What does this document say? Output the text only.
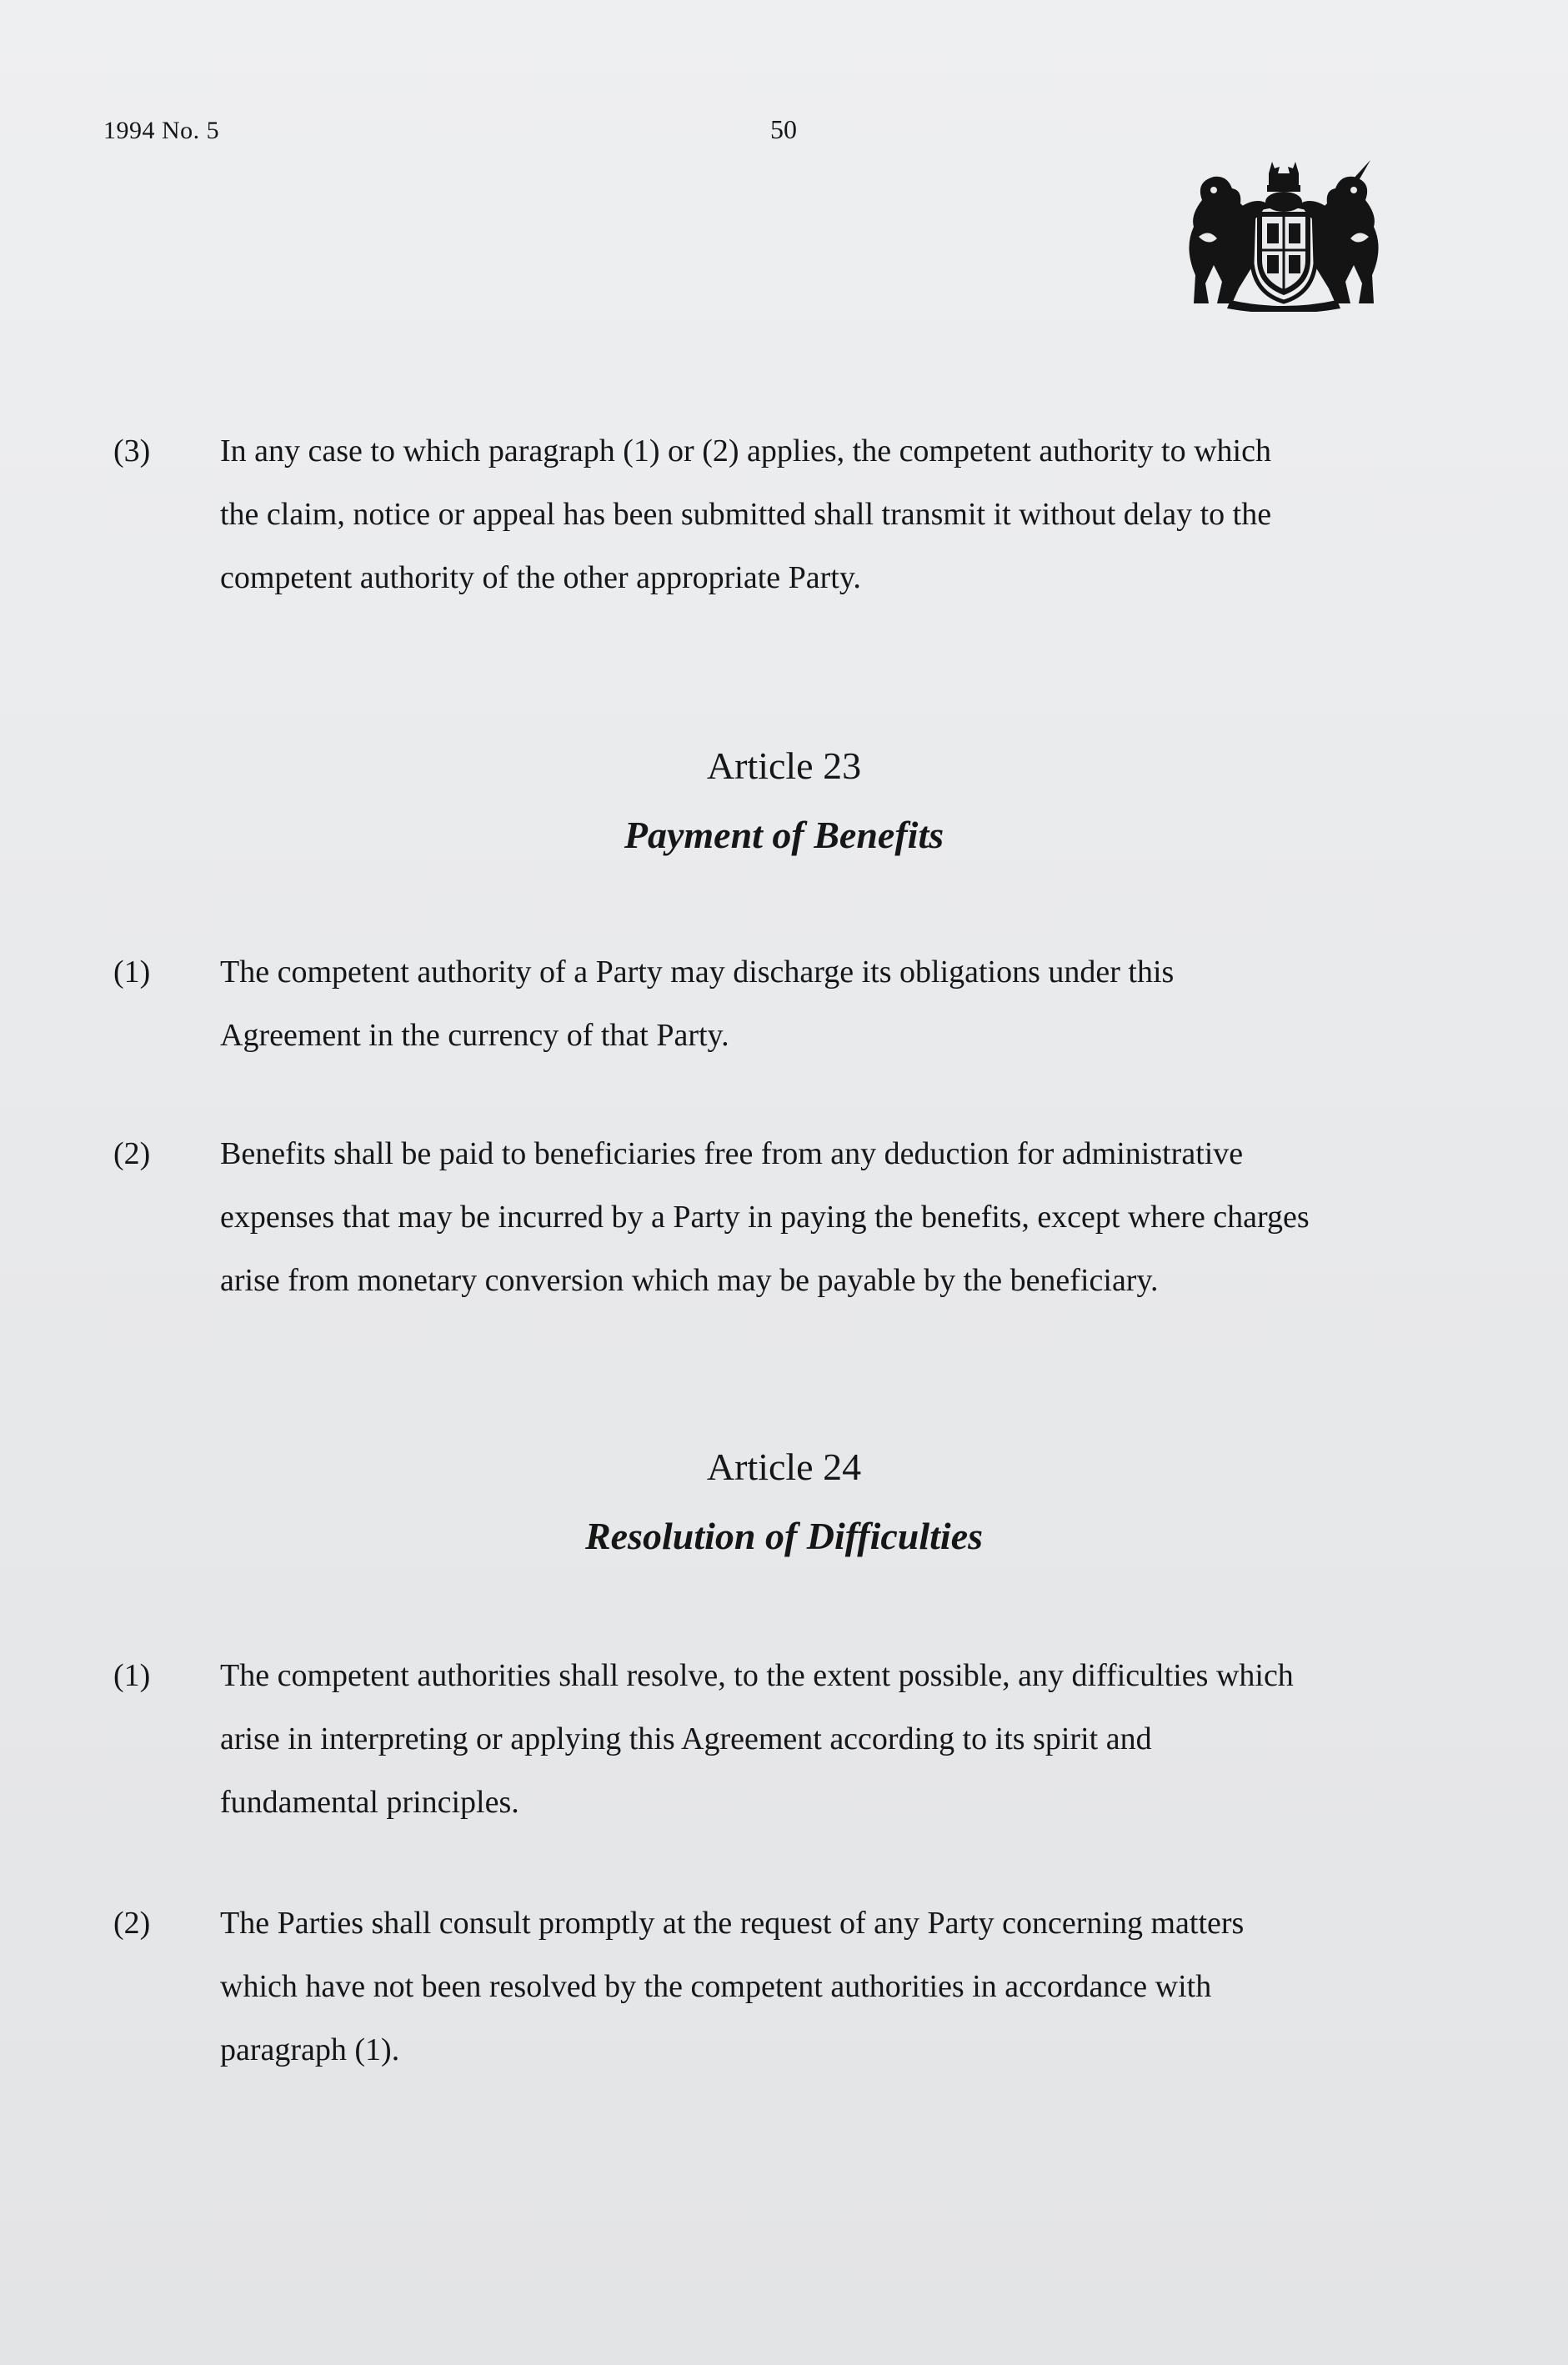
1994 No. 5	50
(3) In any case to which paragraph (1) or (2) applies, the competent authority to which
the claim, notice or appeal has been submitted shall transmit it without delay to the
competent authority of the other appropriate Party.
Article 23
Payment of Benefits
(1) The competent authority of a Party may discharge its obligations under this
Agreement in the currency of that Party.
(2) Benefits shall be paid to beneficiaries free from any deduction for administrative
expenses that may be incurred by a Party in paying the benefits, except where charges
arise from monetary conversion which may be payable by the beneficiary.
Article 24
Resolution of Difficulties
(1) The competent authorities shall resolve, to the extent possible, any difficulties which
arise in interpreting or applying this Agreement according to its spirit and
fundamental principles.
(2) The Parties shall consult promptly at the request of any Party concerning matters
which have not been resolved by the competent authorities in accordance with
paragraph (1).
